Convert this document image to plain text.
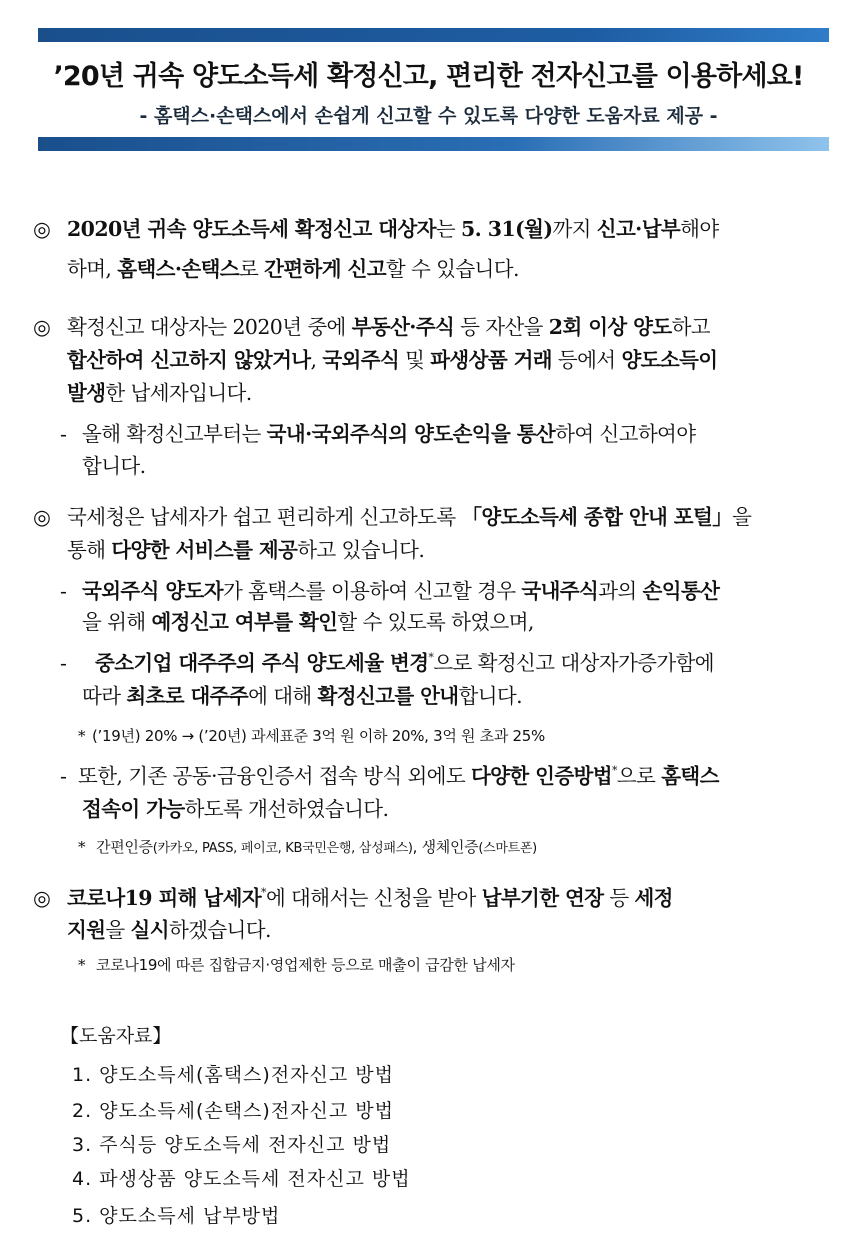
’20년 귀속 양도소득세 확정신고, 편리한 전자신고를 이용하세요!
- 홈택스·손택스에서 손쉽게 신고할 수 있도록 다양한 도움자료 제공 -
◎ 2020년 귀속 양도소득세 확정신고 대상자는 5. 31(월)까지 신고·납부해야
하며, 홈택스·손택스로 간편하게 신고할 수 있습니다.
◎ 확정신고 대상자는 2020년 중에 부동산·주식 등 자산을 2회 이상 양도하고
합산하여 신고하지 않았거나, 국외주식 및 파생상품 거래 등에서 양도소득이
발생한 납세자입니다.
- 올해 확정신고부터는 국내·국외주식의 양도손익을 통산하여 신고하여야
합니다.
◎ 국세청은 납세자가 쉽고 편리하게 신고하도록 「양도소득세 종합 안내 포털」을
통해 다양한 서비스를 제공하고 있습니다.
- 국외주식 양도자가 홈택스를 이용하여 신고할 경우 국내주식과의 손익통산
을 위해 예정신고 여부를 확인할 수 있도록 하였으며,
- 중소기업 대주주의 주식 양도세율 변경*으로 확정신고 대상자가증가함에
따라 최초로 대주주에 대해 확정신고를 안내합니다.
* (’19년) 20% → (’20년) 과세표준 3억 원 이하 20%, 3억 원 초과 25%
- 또한, 기존 공동·금융인증서 접속 방식 외에도 다양한 인증방법*으로 홈택스
접속이 가능하도록 개선하였습니다.
* 간편인증(카카오, PASS, 페이코, KB국민은행, 삼성패스), 생체인증(스마트폰)
◎ 코로나19 피해 납세자*에 대해서는 신청을 받아 납부기한 연장 등 세정
지원을 실시하겠습니다.
* 코로나19에 따른 집합금지·영업제한 등으로 매출이 급감한 납세자
【도움자료】
1. 양도소득세(홈택스)전자신고 방법
2. 양도소득세(손택스)전자신고 방법
3. 주식등 양도소득세 전자신고 방법
4. 파생상품 양도소득세 전자신고 방법
5. 양도소득세 납부방법
